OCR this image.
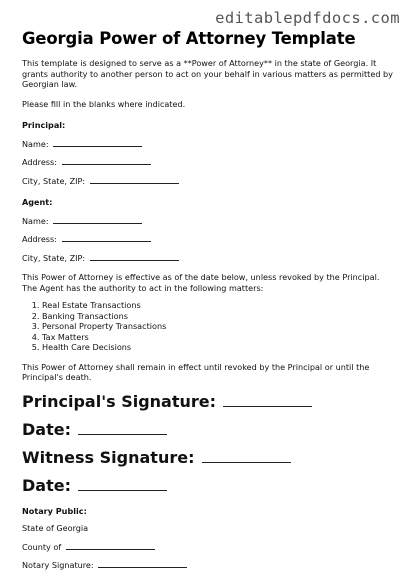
editablepdfdocs.com
Georgia Power of Attorney Template

This template is designed to serve as a **Power of Attorney** in the state of Georgia. It grants authority to another person to act on your behalf in various matters as permitted by Georgian law.

Please fill in the blanks where indicated.

Principal:

Name:
Address:
City, State, ZIP:

Agent:

Name:
Address:
City, State, ZIP:

This Power of Attorney is effective as of the date below, unless revoked by the Principal. The Agent has the authority to act in the following matters:

1. Real Estate Transactions
2. Banking Transactions
3. Personal Property Transactions
4. Tax Matters
5. Health Care Decisions

This Power of Attorney shall remain in effect until revoked by the Principal or until the Principal's death.

Principal's Signature:
Date:
Witness Signature:
Date:

Notary Public:

State of Georgia
County of
Notary Signature:
